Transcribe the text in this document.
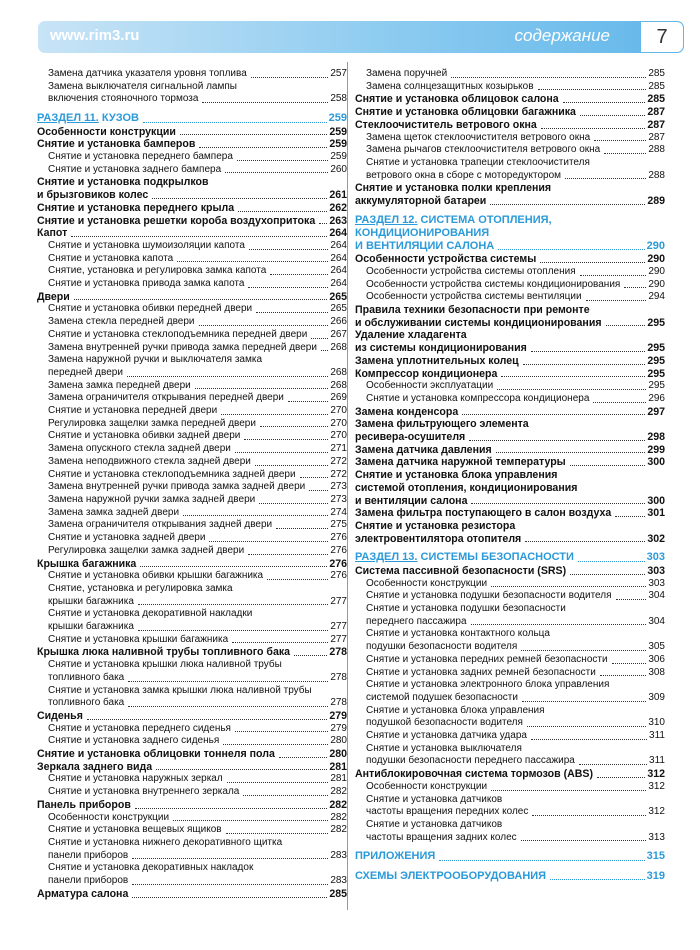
www.rim3.ru	содержание	7
Замена датчика указателя уровня топлива	257
Замена выключателя сигнальной лампы
включения стояночного тормоза	258
РАЗДЕЛ 11. КУЗОВ	259
Особенности конструкции	259
Снятие и установка бамперов	259
Снятие и установка переднего бампера	259
Снятие и установка заднего бампера	260
Снятие и установка подкрылков
и брызговиков колес	261
Снятие и установка переднего крыла	262
Снятие и установка решетки короба воздухопритока 263
Капот	264
Снятие и установка шумоизоляции капота	264
Снятие и установка капота	264
Снятие, установка и регулировка замка капота	264
Снятие и установка привода замка капота	264
Двери	265
Снятие и установка обивки передней двери	265
Замена стекла передней двери	266
Снятие и установка стеклоподъемника передней двери 267
Замена внутренней ручки привода замка передней двери 268
Замена наружной ручки и выключателя замка
передней двери	268
Замена замка передней двери	268
Замена ограничителя открывания передней двери	269
Снятие и установка передней двери	270
Регулировка защелки замка передней двери	270
Снятие и установка обивки задней двери	270
Замена опускного стекла задней двери	271
Замена неподвижного стекла задней двери	272
Снятие и установка стеклоподъемника задней двери	272
Замена внутренней ручки привода замка задней двери	273
Замена наружной ручки замка задней двери	273
Замена замка задней двери	274
Замена ограничителя открывания задней двери	275
Снятие и установка задней двери	276
Регулировка защелки замка задней двери	276
Крышка багажника	276
Снятие и установка обивки крышки багажника	276
Снятие, установка и регулировка замка
крышки багажника	277
Снятие и установка декоративной накладки
крышки багажника	277
Снятие и установка крышки багажника	277
Крышка люка наливной трубы топливного бака	278
Снятие и установка крышки люка наливной трубы
топливного бака	278
Снятие и установка замка крышки люка наливной трубы
топливного бака	278
Сиденья	279
Снятие и установка переднего сиденья	279
Снятие и установка заднего сиденья	280
Снятие и установка облицовки тоннеля пола	280
Зеркала заднего вида	281
Снятие и установка наружных зеркал	281
Снятие и установка внутреннего зеркала	282
Панель приборов	282
Особенности конструкции	282
Снятие и установка вещевых ящиков	282
Снятие и установка нижнего декоративного щитка
панели приборов	283
Снятие и установка декоративных накладок
панели приборов	283
Арматура салона	285
Замена поручней	285
Замена солнцезащитных козырьков	285
Снятие и установка облицовок салона	285
Снятие и установка облицовки багажника	287
Стеклоочиститель ветрового окна	287
Замена щеток стеклоочистителя ветрового окна	287
Замена рычагов стеклоочистителя ветрового окна	288
Снятие и установка трапеции стеклоочистителя
ветрового окна в сборе с моторедуктором	288
Снятие и установка полки крепления
аккумуляторной батареи	289
РАЗДЕЛ 12. СИСТЕМА ОТОПЛЕНИЯ,
КОНДИЦИОНИРОВАНИЯ
И ВЕНТИЛЯЦИИ САЛОНА	290
Особенности устройства системы	290
Особенности устройства системы отопления	290
Особенности устройства системы кондиционирования	290
Особенности устройства системы вентиляции	294
Правила техники безопасности при ремонте
и обслуживании системы кондиционирования	295
Удаление хладагента
из системы кондиционирования	295
Замена уплотнительных колец	295
Компрессор кондиционера	295
Особенности эксплуатации	295
Снятие и установка компрессора кондиционера	296
Замена конденсора	297
Замена фильтрующего элемента
ресивера-осушителя	298
Замена датчика давления	299
Замена датчика наружной температуры	300
Снятие и установка блока управления
системой отопления, кондиционирования
и вентиляции салона	300
Замена фильтра поступающего в салон воздуха	301
Снятие и установка резистора
электровентилятора отопителя	302
РАЗДЕЛ 13. СИСТЕМЫ БЕЗОПАСНОСТИ	303
Система пассивной безопасности (SRS)	303
Особенности конструкции	303
Снятие и установка подушки безопасности водителя	304
Снятие и установка подушки безопасности
переднего пассажира	304
Снятие и установка контактного кольца
подушки безопасности водителя	305
Снятие и установка передних ремней безопасности	306
Снятие и установка задних ремней безопасности	308
Снятие и установка электронного блока управления
системой подушек безопасности	309
Снятие и установка блока управления
подушкой безопасности водителя	310
Снятие и установка датчика удара	311
Снятие и установка выключателя
подушки безопасности переднего пассажира	311
Антиблокировочная система тормозов (ABS)	312
Особенности конструкции	312
Снятие и установка датчиков
частоты вращения передних колес	312
Снятие и установка датчиков
частоты вращения задних колес	313
ПРИЛОЖЕНИЯ	315
СХЕМЫ ЭЛЕКТРООБОРУДОВАНИЯ	319
